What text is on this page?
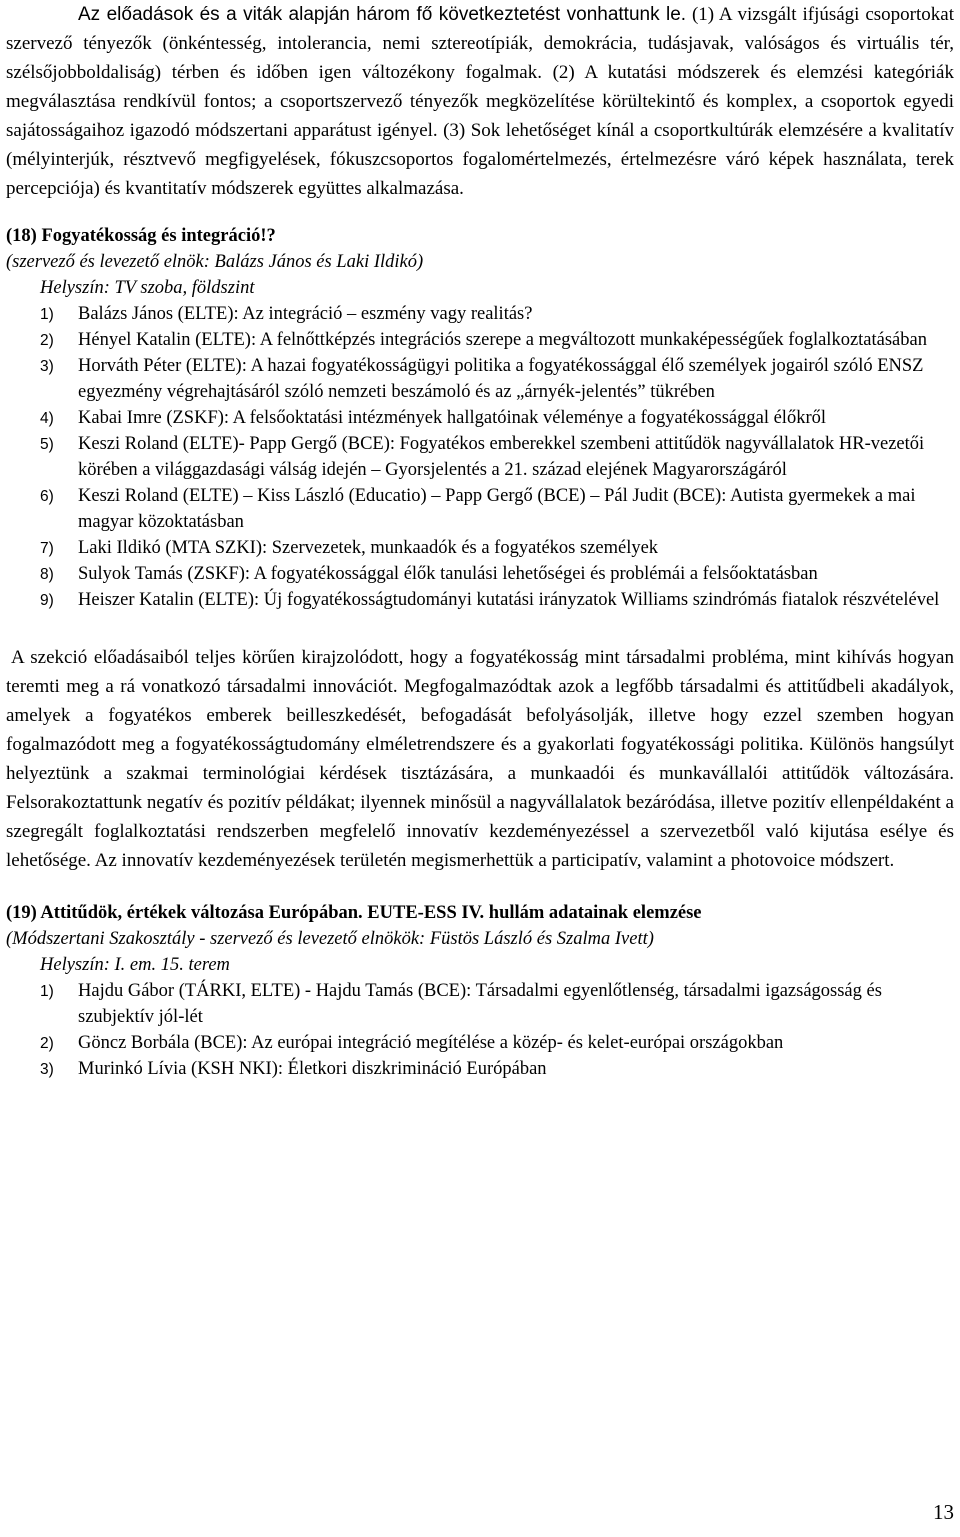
Az előadások és a viták alapján három fő következtetést vonhattunk le. (1) A vizsgált ifjúsági csoportokat szervező tényezők (önkéntesség, intolerancia, nemi sztereotípiák, demokrácia, tudásjavak, valóságos és virtuális tér, szélsőjobboldaliság) térben és időben igen változékony fogalmak. (2) A kutatási módszerek és elemzési kategóriák megválasztása rendkívül fontos; a csoportszervező tényezők megközelítése körültekintő és komplex, a csoportok egyedi sajátosságaihoz igazodó módszertani apparátust igényel. (3) Sok lehetőséget kínál a csoportkultúrák elemzésére a kvalitatív (mélyinterjúk, résztvevő megfigyelések, fókuszcsoportos fogalomértelmezés, értelmezésre váró képek használata, terek percepciója) és kvantitatív módszerek együttes alkalmazása.

(18) Fogyatékosság és integráció!?

(szervező és levezető elnök: Balázs János és Laki Ildikó)

Helyszín: TV szoba, földszint

1) Balázs János (ELTE): Az integráció – eszmény vagy realitás?
2) Hényel Katalin (ELTE): A felnőttképzés integrációs szerepe a megváltozott munkaképességűek foglalkoztatásában
3) Horváth Péter (ELTE): A hazai fogyatékosságügyi politika a fogyatékossággal élő személyek jogairól szóló ENSZ egyezmény végrehajtásáról szóló nemzeti beszámoló és az „árnyék-jelentés” tükrében
4) Kabai Imre (ZSKF): A felsőoktatási intézmények hallgatóinak véleménye a fogyatékossággal élőkről
5) Keszi Roland (ELTE)- Papp Gergő (BCE): Fogyatékos emberekkel szembeni attitűdök nagyvállalatok HR-vezetői körében a világgazdasági válság idején – Gyorsjelentés a 21. század elejének Magyarországáról
6) Keszi Roland (ELTE) – Kiss László (Educatio) – Papp Gergő (BCE) – Pál Judit (BCE): Autista gyermekek a mai magyar közoktatásban
7) Laki Ildikó (MTA SZKI): Szervezetek, munkaadók és a fogyatékos személyek
8) Sulyok Tamás (ZSKF): A fogyatékossággal élők tanulási lehetőségei és problémái a felsőoktatásban
9) Heiszer Katalin (ELTE): Új fogyatékosságtudományi kutatási irányzatok Williams szindrómás fiatalok részvételével

A szekció előadásaiból teljes körűen kirajzolódott, hogy a fogyatékosság mint társadalmi probléma, mint kihívás hogyan teremti meg a rá vonatkozó társadalmi innovációt. Megfogalmazódtak azok a legfőbb társadalmi és attitűdbeli akadályok, amelyek a fogyatékos emberek beilleszkedését, befogadását befolyásolják, illetve hogy ezzel szemben hogyan fogalmazódott meg a fogyatékosságtudomány elméletrendszere és a gyakorlati fogyatékossági politika. Különös hangsúlyt helyeztünk a szakmai terminológiai kérdések tisztázására, a munkaadói és munkavállalói attitűdök változására. Felsorakoztattunk negatív és pozitív példákat; ilyennek minősül a nagyvállalatok bezáródása, illetve pozitív ellenpéldaként a szegregált foglalkoztatási rendszerben megfelelő innovatív kezdeményezéssel a szervezetből való kijutása esélye és lehetősége. Az innovatív kezdeményezések területén megismerhettük a participatív, valamint a photovoice módszert.

(19) Attitűdök, értékek változása Európában. EUTE-ESS IV. hullám adatainak elemzése

(Módszertani Szakosztály - szervező és levezető elnökök: Füstös László és Szalma Ivett)

Helyszín: I. em. 15. terem

1) Hajdu Gábor (TÁRKI, ELTE) - Hajdu Tamás (BCE): Társadalmi egyenlőtlenség, társadalmi igazságosság és szubjektív jól-lét
2) Göncz Borbála (BCE): Az európai integráció megítélése a közép- és kelet-európai országokban
3) Murinkó Lívia (KSH NKI): Életkori diszkrimináció Európában
13
